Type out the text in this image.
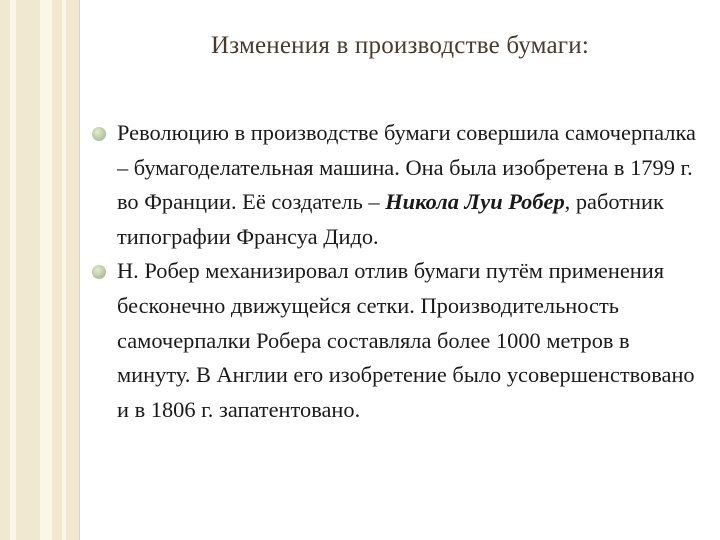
Изменения в производстве бумаги:
Революцию в производстве бумаги совершила самочерпалка – бумагоделательная машина. Она была изобретена в 1799 г. во Франции. Её создатель – Никола Луи Робер, работник типографии Франсуа Дидо.
Н. Робер механизировал отлив бумаги путём применения бесконечно движущейся сетки. Производительность самочерпалки Робера составляла более 1000 метров в минуту. В Англии его изобретение было усовершенствовано и в 1806 г. запатентовано.
